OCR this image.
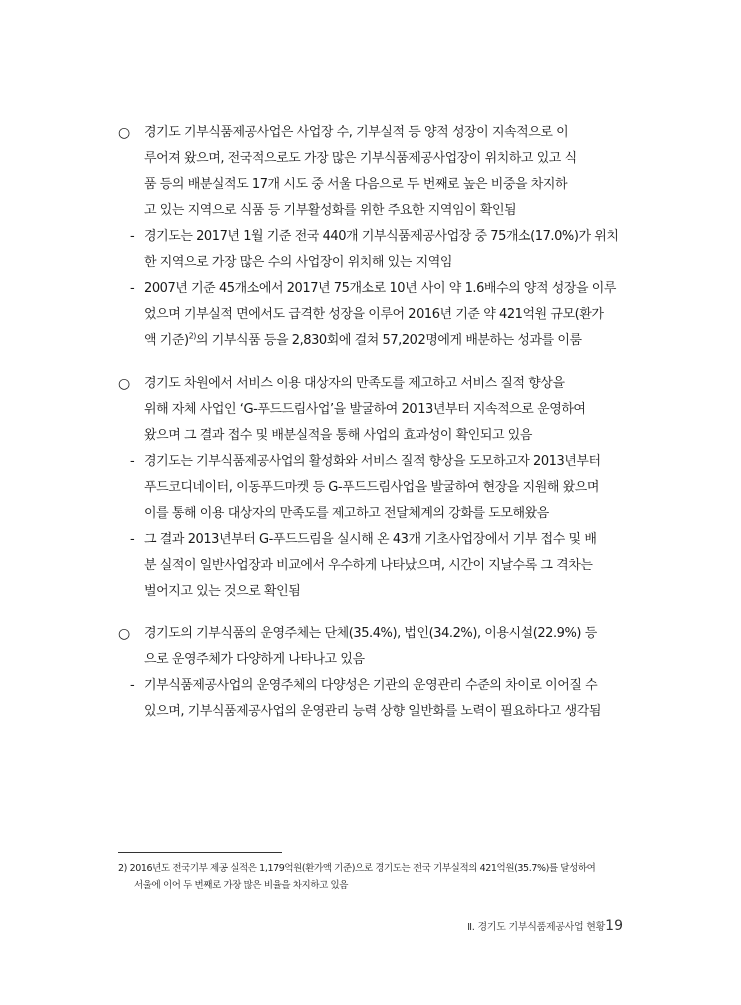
○ 경기도 기부식품제공사업은 사업장 수, 기부실적 등 양적 성장이 지속적으로 이
루어져 왔으며, 전국적으로도 가장 많은 기부식품제공사업장이 위치하고 있고 식
품 등의 배분실적도 17개 시도 중 서울 다음으로 두 번째로 높은 비중을 차지하
고 있는 지역으로 식품 등 기부활성화를 위한 주요한 지역임이 확인됨
- 경기도는 2017년 1월 기준 전국 440개 기부식품제공사업장 중 75개소(17.0%)가 위치
한 지역으로 가장 많은 수의 사업장이 위치해 있는 지역임
- 2007년 기준 45개소에서 2017년 75개소로 10년 사이 약 1.6배수의 양적 성장을 이루
었으며 기부실적 면에서도 급격한 성장을 이루어 2016년 기준 약 421억원 규모(환가
액 기준)$^{2)}$의 기부식품 등을 2,830회에 걸쳐 57,202명에게 배분하는 성과를 이룸
○ 경기도 차원에서 서비스 이용 대상자의 만족도를 제고하고 서비스 질적 향상을
위해 자체 사업인 ‘G-푸드드림사업’을 발굴하여 2013년부터 지속적으로 운영하여
왔으며 그 결과 접수 및 배분실적을 통해 사업의 효과성이 확인되고 있음
- 경기도는 기부식품제공사업의 활성화와 서비스 질적 향상을 도모하고자 2013년부터
푸드코디네이터, 이동푸드마켓 등 G-푸드드림사업을 발굴하여 현장을 지원해 왔으며
이를 통해 이용 대상자의 만족도를 제고하고 전달체계의 강화를 도모해왔음
- 그 결과 2013년부터 G-푸드드림을 실시해 온 43개 기초사업장에서 기부 접수 및 배
분 실적이 일반사업장과 비교에서 우수하게 나타났으며, 시간이 지날수록 그 격차는
벌어지고 있는 것으로 확인됨
○ 경기도의 기부식품의 운영주체는 단체(35.4%), 법인(34.2%), 이용시설(22.9%) 등
으로 운영주체가 다양하게 나타나고 있음
- 기부식품제공사업의 운영주체의 다양성은 기관의 운영관리 수준의 차이로 이어질 수
있으며, 기부식품제공사업의 운영관리 능력 상향 일반화를 노력이 필요하다고 생각됨
2) 2016년도 전국기부 제공 실적은 1,179억원(환가액 기준)으로 경기도는 전국 기부실적의 421억원(35.7%)를 달성하여
서울에 이어 두 번째로 가장 많은 비율을 차지하고 있음
Ⅱ. 경기도 기부식품제공사업 현황 19
